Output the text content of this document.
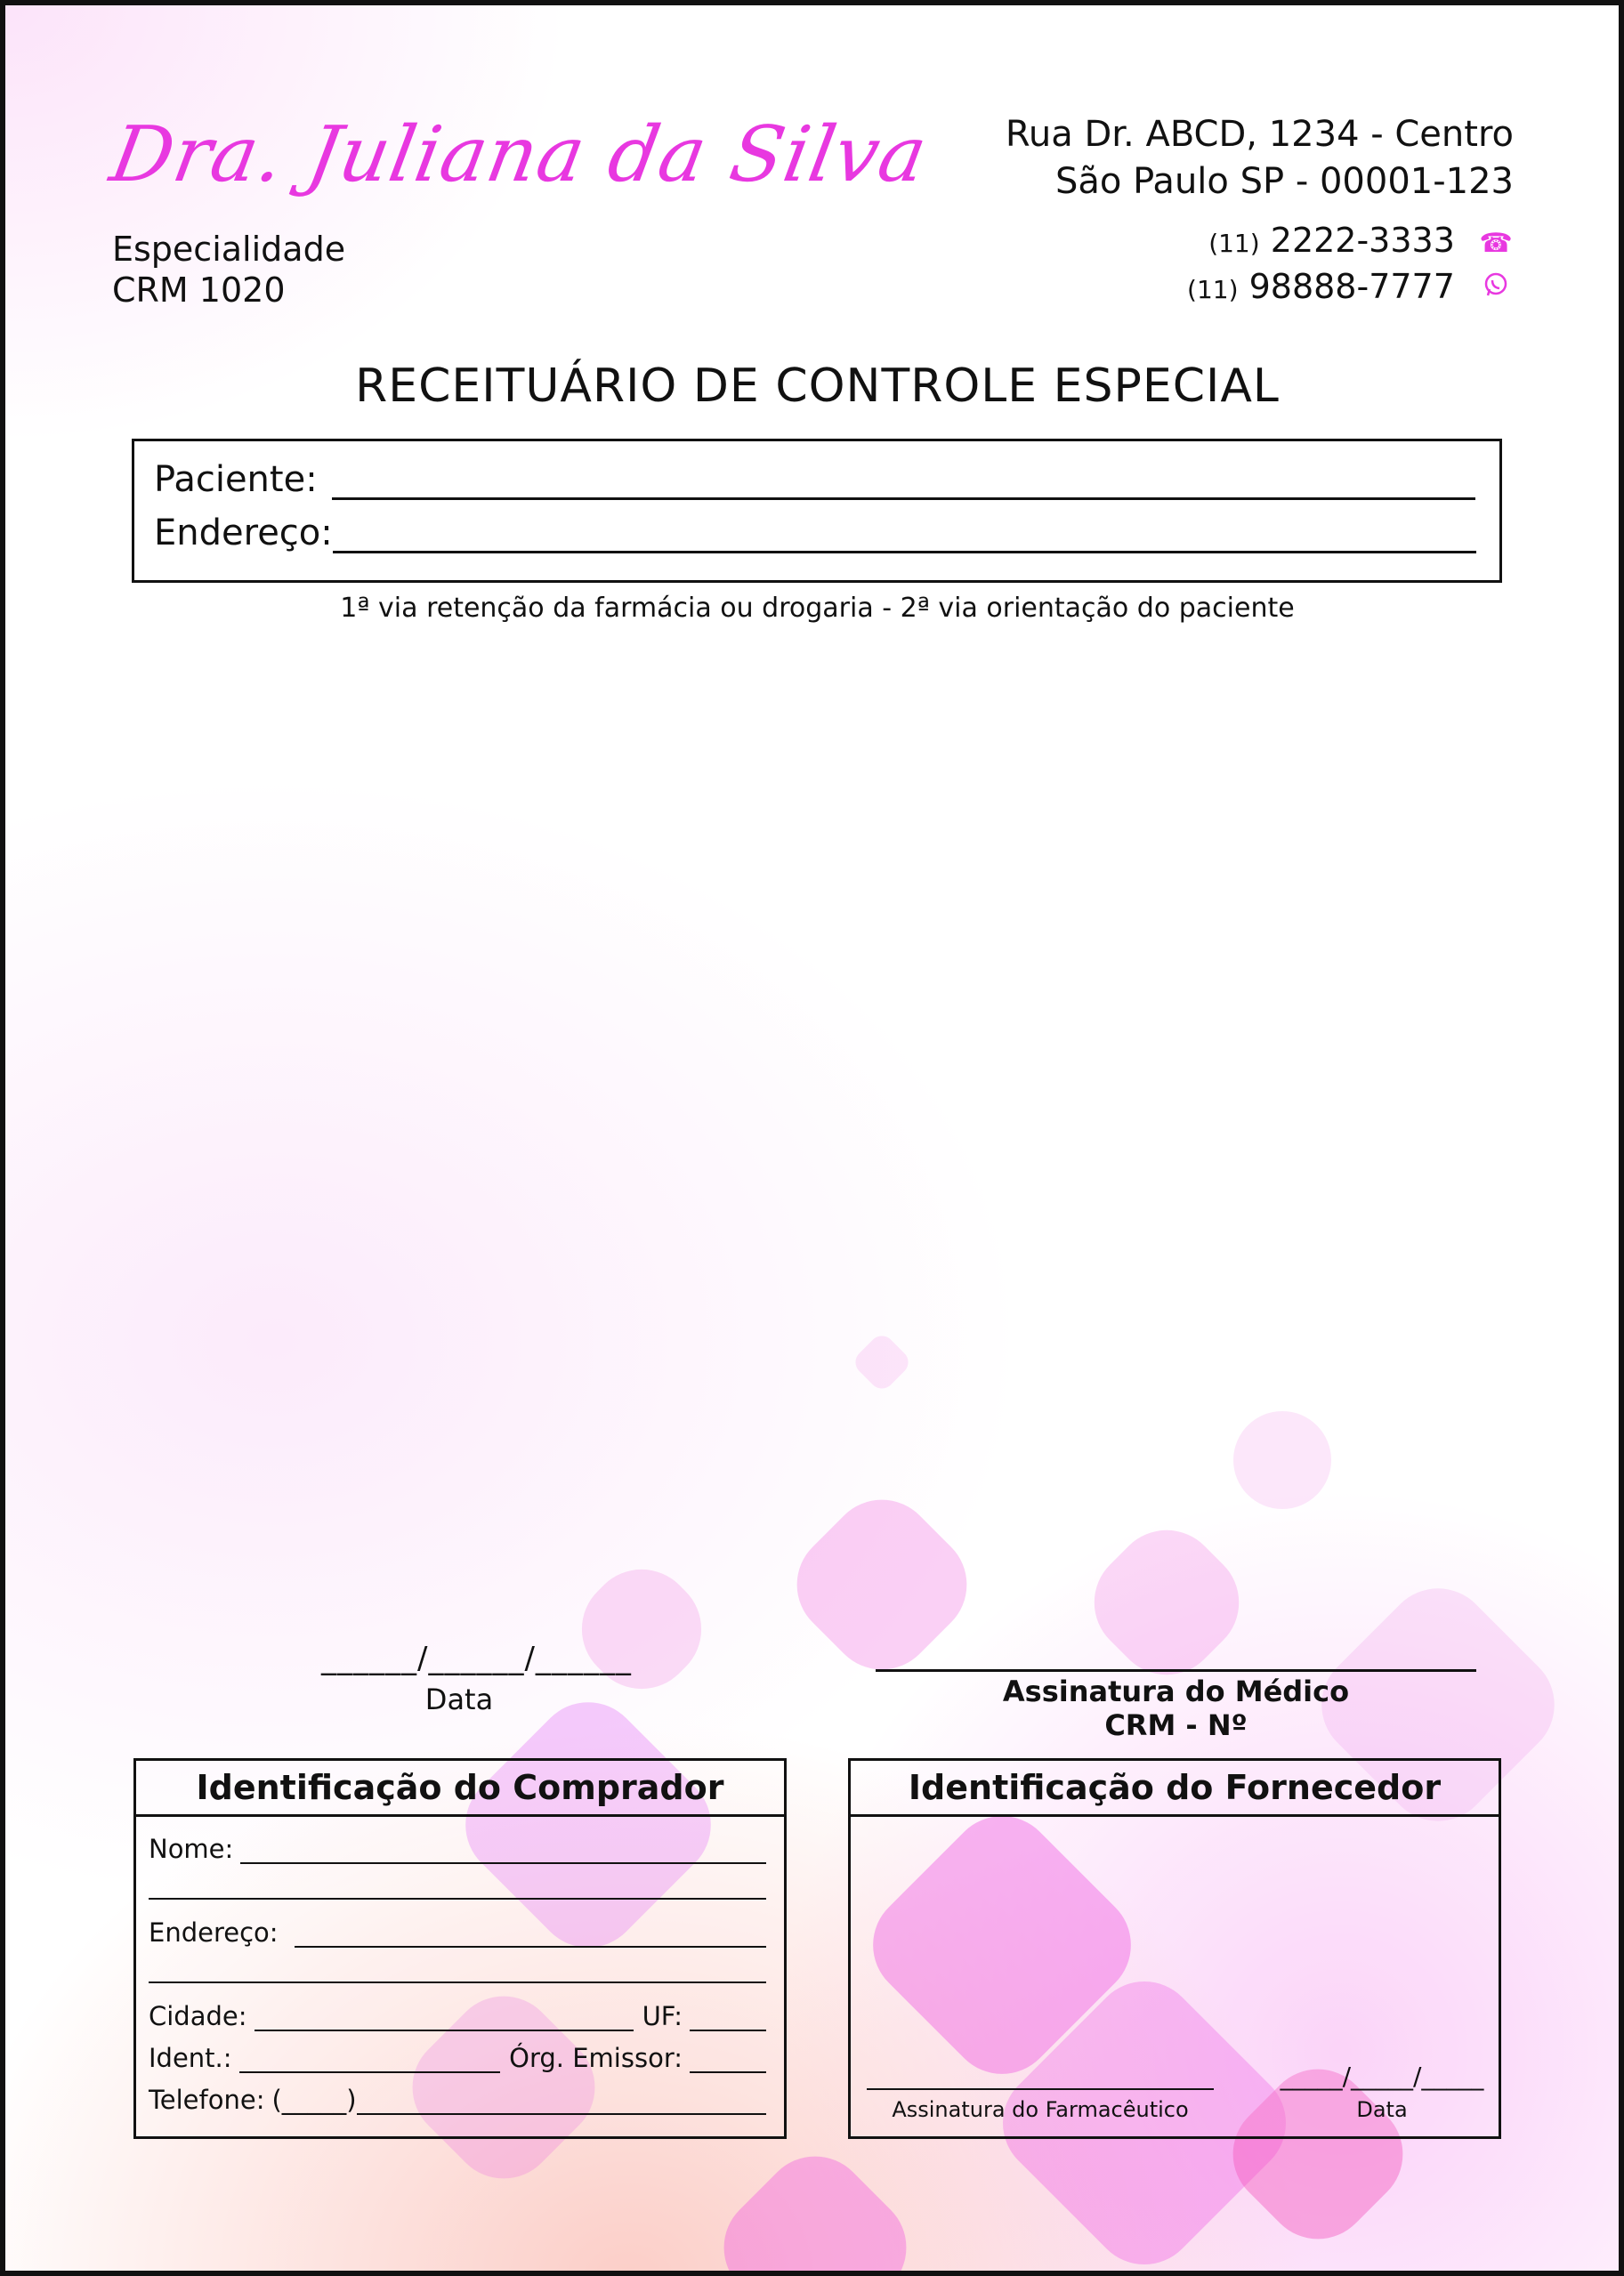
Dra. Juliana da Silva
Especialidade
CRM 1020
Rua Dr. ABCD, 1234 - Centro
São Paulo SP - 00001-123
(11) 2222-3333 ☎
(11) 98888-7777
RECEITUÁRIO DE CONTROLE ESPECIAL
Paciente:
Endereço:
1ª via retenção da farmácia ou drogaria - 2ª via orientação do paciente
______/______/______
Data	Assinatura do Médico
CRM - Nº
Identificação do Comprador
Nome:
Endereço:
Cidade:	UF:
Ident.:	Órg. Emissor:
Telefone: (_____)
Identificação do Fornecedor
Assinatura do Farmacêutico
_____/_____/_____
Data
